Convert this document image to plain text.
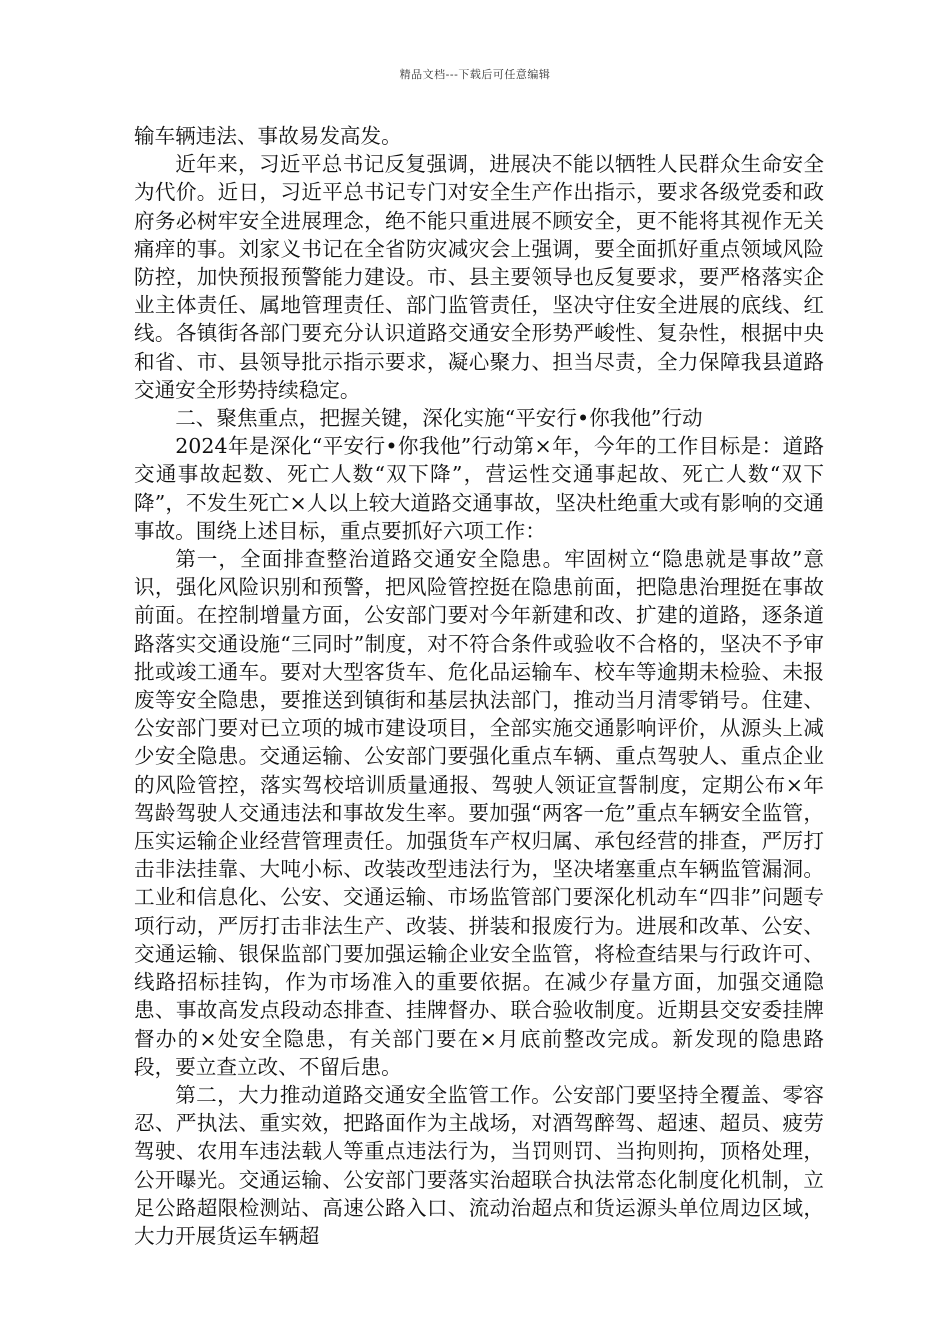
精品文档---下载后可任意编辑

输车辆违法、事故易发高发。

近年来，习近平总书记反复强调，进展决不能以牺牲人民群众生命安全为代价。近日，习近平总书记专门对安全生产作出指示，要求各级党委和政府务必树牢安全进展理念，绝不能只重进展不顾安全，更不能将其视作无关痛痒的事。刘家义书记在全省防灾减灾会上强调，要全面抓好重点领域风险防控，加快预报预警能力建设。市、县主要领导也反复要求，要严格落实企业主体责任、属地管理责任、部门监管责任，坚决守住安全进展的底线、红线。各镇街各部门要充分认识道路交通安全形势严峻性、复杂性，根据中央和省、市、县领导批示指示要求，凝心聚力、担当尽责，全力保障我县道路交通安全形势持续稳定。

二、聚焦重点，把握关键，深化实施“平安行•你我他”行动

2024年是深化“平安行•你我他”行动第×年，今年的工作目标是：道路交通事故起数、死亡人数“双下降”，营运性交通事起故、死亡人数“双下降”，不发生死亡×人以上较大道路交通事故，坚决杜绝重大或有影响的交通事故。围绕上述目标，重点要抓好六项工作：

第一，全面排查整治道路交通安全隐患。牢固树立“隐患就是事故”意识，强化风险识别和预警，把风险管控挺在隐患前面，把隐患治理挺在事故前面。在控制增量方面，公安部门要对今年新建和改、扩建的道路，逐条道路落实交通设施“三同时”制度，对不符合条件或验收不合格的，坚决不予审批或竣工通车。要对大型客货车、危化品运输车、校车等逾期未检验、未报废等安全隐患，要推送到镇街和基层执法部门，推动当月清零销号。住建、公安部门要对已立项的城市建设项目，全部实施交通影响评价，从源头上减少安全隐患。交通运输、公安部门要强化重点车辆、重点驾驶人、重点企业的风险管控，落实驾校培训质量通报、驾驶人领证宣誓制度，定期公布×年驾龄驾驶人交通违法和事故发生率。要加强“两客一危”重点车辆安全监管，压实运输企业经营管理责任。加强货车产权归属、承包经营的排查，严厉打击非法挂靠、大吨小标、改装改型违法行为，坚决堵塞重点车辆监管漏洞。工业和信息化、公安、交通运输、市场监管部门要深化机动车“四非”问题专项行动，严厉打击非法生产、改装、拼装和报废行为。进展和改革、公安、交通运输、银保监部门要加强运输企业安全监管，将检查结果与行政许可、线路招标挂钩，作为市场准入的重要依据。在减少存量方面，加强交通隐患、事故高发点段动态排查、挂牌督办、联合验收制度。近期县交安委挂牌督办的×处安全隐患，有关部门要在×月底前整改完成。新发现的隐患路段，要立查立改、不留后患。

第二，大力推动道路交通安全监管工作。公安部门要坚持全覆盖、零容忍、严执法、重实效，把路面作为主战场，对酒驾醉驾、超速、超员、疲劳驾驶、农用车违法载人等重点违法行为，当罚则罚、当拘则拘，顶格处理，公开曝光。交通运输、公安部门要落实治超联合执法常态化制度化机制，立足公路超限检测站、高速公路入口、流动治超点和货运源头单位周边区域，大力开展货运车辆超
